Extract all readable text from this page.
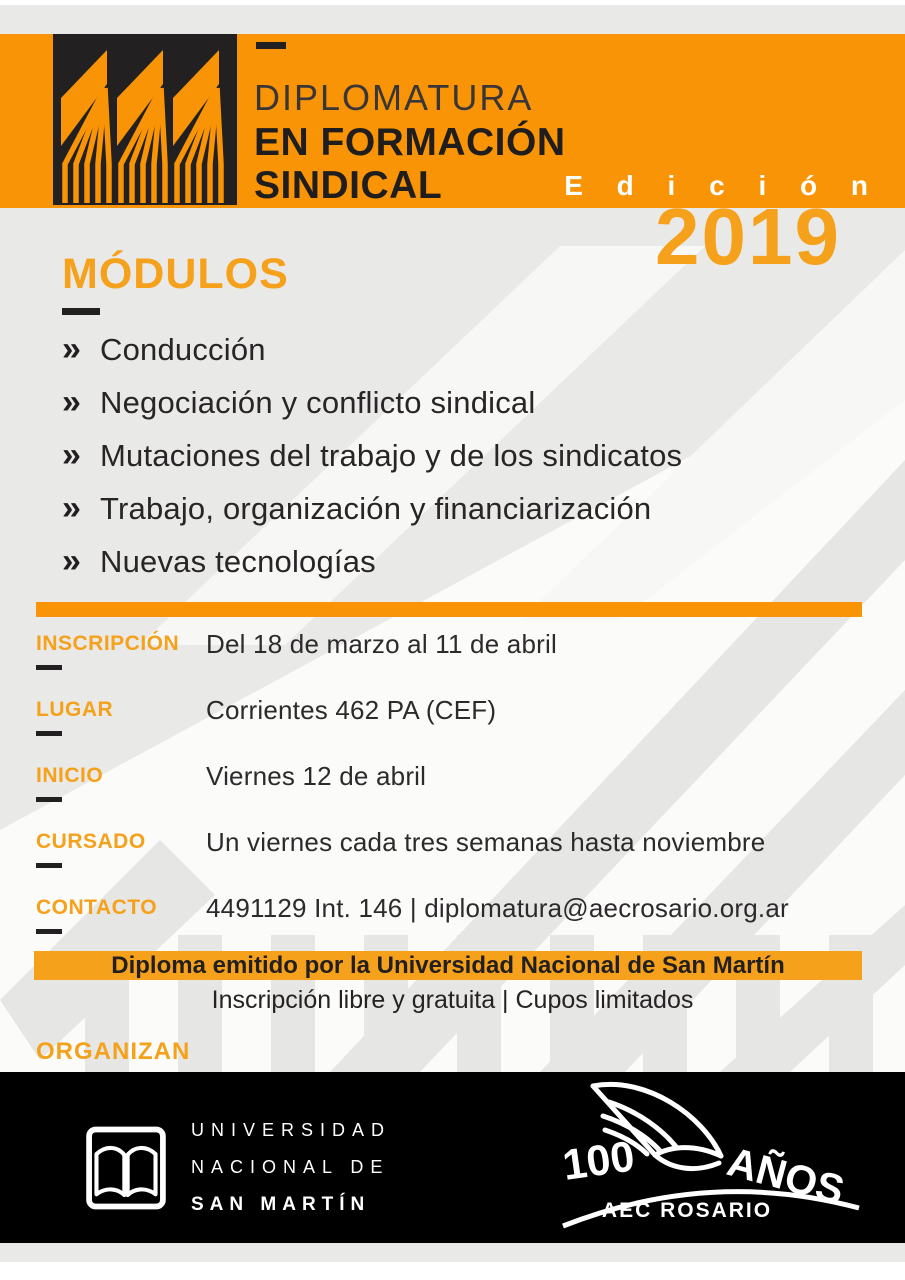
DIPLOMATURA
EN FORMACIÓN
SINDICAL	E d i c i ó n
2019
MÓDULOS
» Conducción
» Negociación y conflicto sindical
» Mutaciones del trabajo y de los sindicatos
» Trabajo, organización y financiarización
» Nuevas tecnologías
INSCRIPCIÓN	Del 18 de marzo al 11 de abril
LUGAR	Corrientes 462 PA (CEF)
INICIO	Viernes 12 de abril
CURSADO	Un viernes cada tres semanas hasta noviembre
CONTACTO	4491129 Int. 146 | diplomatura@aecrosario.org.ar
Diploma emitido por la Universidad Nacional de San Martín
Inscripción libre y gratuita | Cupos limitados
ORGANIZAN
UNIVERSIDAD
NACIONAL DE
SAN MARTÍN
100 AÑOS
AEC ROSARIO
